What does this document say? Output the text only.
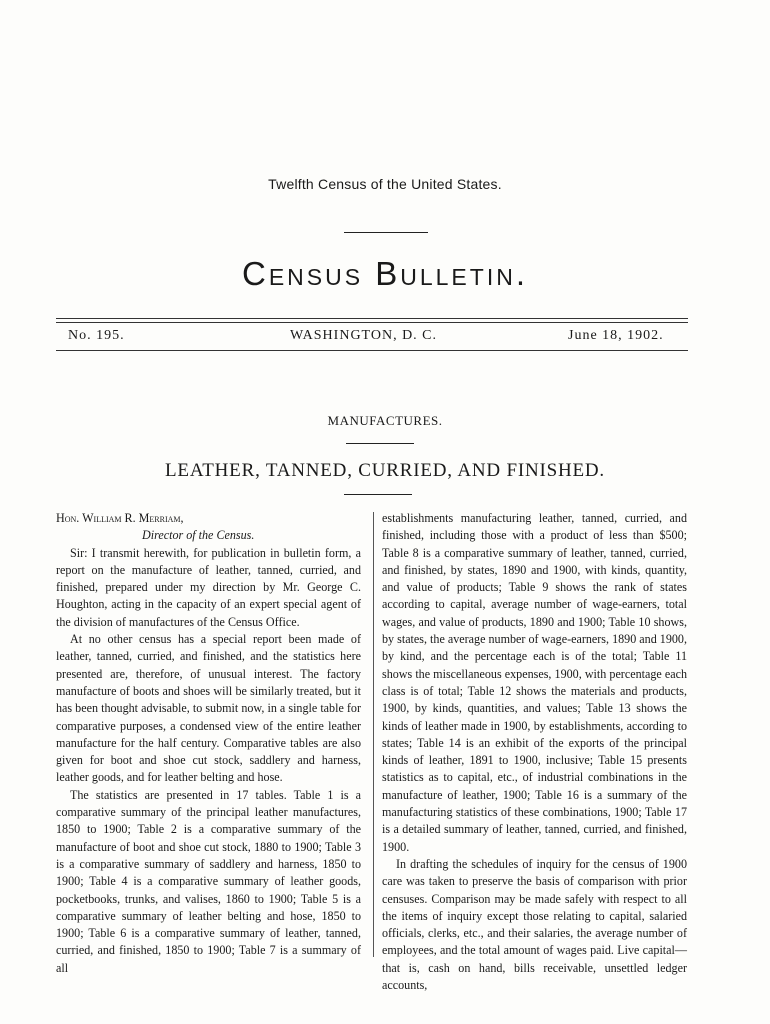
Twelfth Census of the United States.
Census Bulletin.
No. 195.	WASHINGTON, D. C.	June 18, 1902.
MANUFACTURES.
LEATHER, TANNED, CURRIED, AND FINISHED.
Hon. William R. Merriam,
Director of the Census.

Sir: I transmit herewith, for publication in bulletin form, a report on the manufacture of leather, tanned, curried, and finished, prepared under my direction by Mr. George C. Houghton, acting in the capacity of an expert special agent of the division of manufactures of the Census Office.

At no other census has a special report been made of leather, tanned, curried, and finished, and the statistics here presented are, therefore, of unusual interest. The factory manufacture of boots and shoes will be similarly treated, but it has been thought advisable, to submit now, in a single table for comparative purposes, a condensed view of the entire leather manufacture for the half century. Comparative tables are also given for boot and shoe cut stock, saddlery and harness, leather goods, and for leather belting and hose.

The statistics are presented in 17 tables. Table 1 is a comparative summary of the principal leather manufactures, 1850 to 1900; Table 2 is a comparative summary of the manufacture of boot and shoe cut stock, 1880 to 1900; Table 3 is a comparative summary of saddlery and harness, 1850 to 1900; Table 4 is a comparative summary of leather goods, pocketbooks, trunks, and valises, 1860 to 1900; Table 5 is a comparative summary of leather belting and hose, 1850 to 1900; Table 6 is a comparative summary of leather, tanned, curried, and finished, 1850 to 1900; Table 7 is a summary of all

establishments manufacturing leather, tanned, curried, and finished, including those with a product of less than $500; Table 8 is a comparative summary of leather, tanned, curried, and finished, by states, 1890 and 1900, with kinds, quantity, and value of products; Table 9 shows the rank of states according to capital, average number of wage-earners, total wages, and value of products, 1890 and 1900; Table 10 shows, by states, the average number of wage-earners, 1890 and 1900, by kind, and the percentage each is of the total; Table 11 shows the miscellaneous expenses, 1900, with percentage each class is of total; Table 12 shows the materials and products, 1900, by kinds, quantities, and values; Table 13 shows the kinds of leather made in 1900, by establishments, according to states; Table 14 is an exhibit of the exports of the principal kinds of leather, 1891 to 1900, inclusive; Table 15 presents statistics as to capital, etc., of industrial combinations in the manufacture of leather, 1900; Table 16 is a summary of the manufacturing statistics of these combinations, 1900; Table 17 is a detailed summary of leather, tanned, curried, and finished, 1900.

In drafting the schedules of inquiry for the census of 1900 care was taken to preserve the basis of comparison with prior censuses. Comparison may be made safely with respect to all the items of inquiry except those relating to capital, salaried officials, clerks, etc., and their salaries, the average number of employees, and the total amount of wages paid. Live capital—that is, cash on hand, bills receivable, unsettled ledger accounts,
